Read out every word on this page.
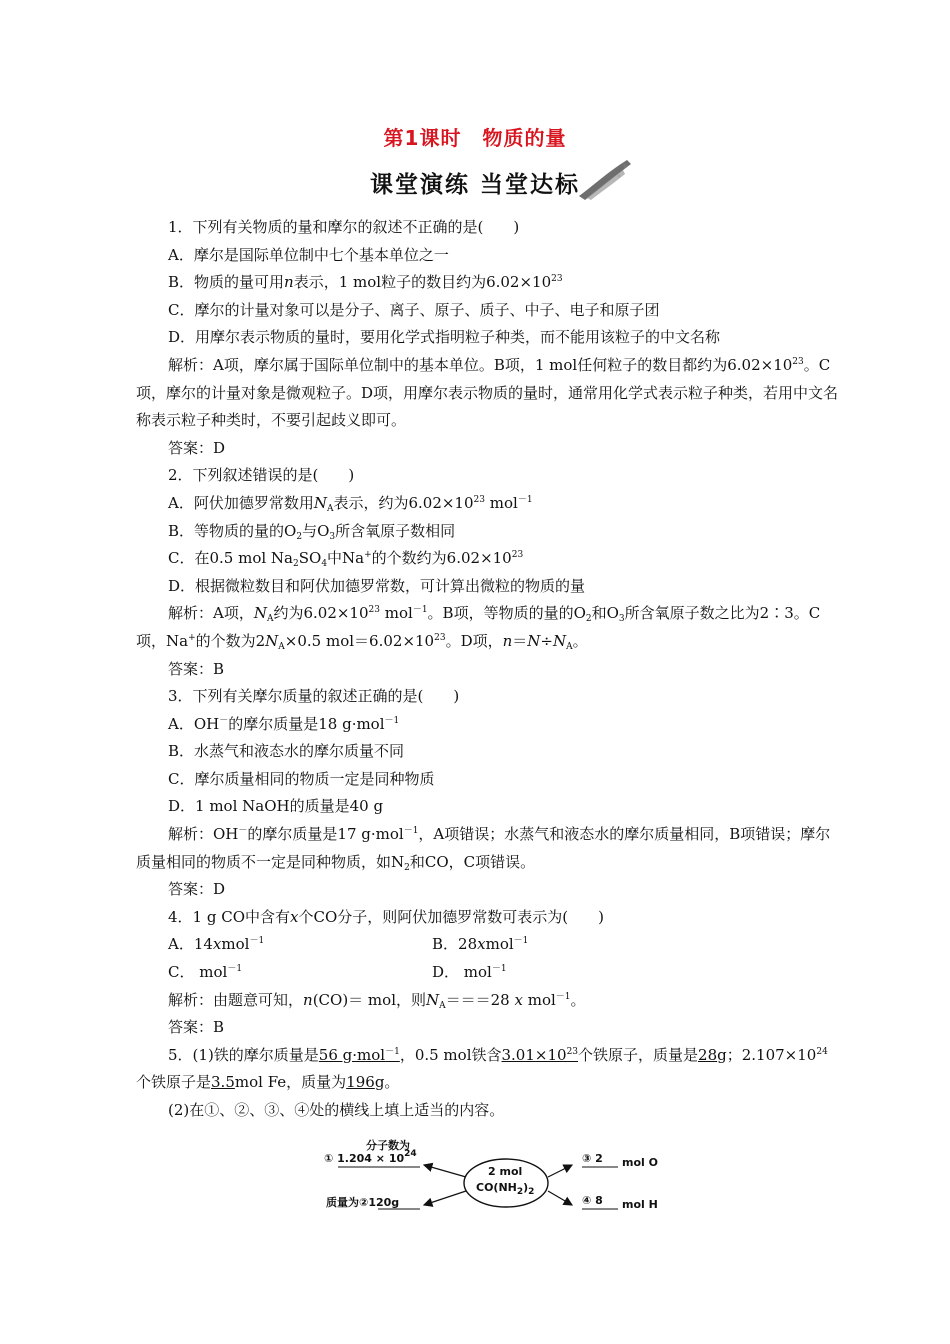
第1课时　物质的量
课堂演练 当堂达标

1．下列有关物质的量和摩尔的叙述不正确的是(　　)

A．摩尔是国际单位制中七个基本单位之一

B．物质的量可用n表示，1 mol粒子的数目约为$6.02\times 10^{23}$

C．摩尔的计量对象可以是分子、离子、原子、质子、中子、电子和原子团

D．用摩尔表示物质的量时，要用化学式指明粒子种类，而不能用该粒子的中文名称

解析：A项，摩尔属于国际单位制中的基本单位。B项，1 mol任何粒子的数目都约为$6.02\times 10^{23}$。C项，摩尔的计量对象是微观粒子。D项，用摩尔表示物质的量时，通常用化学式表示粒子种类，若用中文名称表示粒子种类时，不要引起歧义即可。

答案：D

2．下列叙述错误的是(　　)

A．阿伏加德罗常数用$N_A$表示，约为$6.02\times 10^{23}$ mol$^{-1}$

B．等物质的量的$O_2$与$O_3$所含氧原子数相同

C．在0.5 mol $Na_2SO_4$中Na+的个数约为$6.02\times 10^{23}$

D．根据微粒数目和阿伏加德罗常数，可计算出微粒的物质的量

解析：A项，$N_A$约为$6.02\times 10^{23}$ mol$^{-1}$。B项，等物质的量的$O_2$和$O_3$所含氧原子数之比为2∶3。C项，Na+的个数为$2N_A\times 0.5$ $mol=6.02\times 10^{23}$。D项，$n=N\div N_A$。

答案：B

3．下列有关摩尔质量的叙述正确的是(　　)

A．OH－的摩尔质量是18 g·mol$^{-1}$

B．水蒸气和液态水的摩尔质量不同

C．摩尔质量相同的物质一定是同种物质

D．1 mol NaOH的质量是40 g

解析：OH－的摩尔质量是17 g·mol$^{-1}$，A项错误；水蒸气和液态水的摩尔质量相同，B项错误；摩尔质量相同的物质不一定是同种物质，如$N_2$和CO，C项错误。

答案：D

4．1 g CO中含有x个CO分子，则阿伏加德罗常数可表示为(　　)

A．14xmol$^{-1}$	B．28xmol$^{-1}$
C． mol$^{-1}$	D． mol$^{-1}$

解析：由题意可知，n(CO)＝ mol，则$N_A===28$ x mol$^{-1}$。

答案：B

5．(1)铁的摩尔质量是56 g·mol$^{-1}$，0.5 mol铁含$3.01\times 10^{23}$个铁原子，质量是28g；$2.107\times 10^{24}$个铁原子是3.5mol Fe，质量为196g。

(2)在①、②、③、④处的横线上填上适当的内容。

分子数为
① $1.204 \times 10^{24}$
质量为②120g
2 mol
$CO(NH_2)_2$
③ 2 mol O
④ 8 mol H
